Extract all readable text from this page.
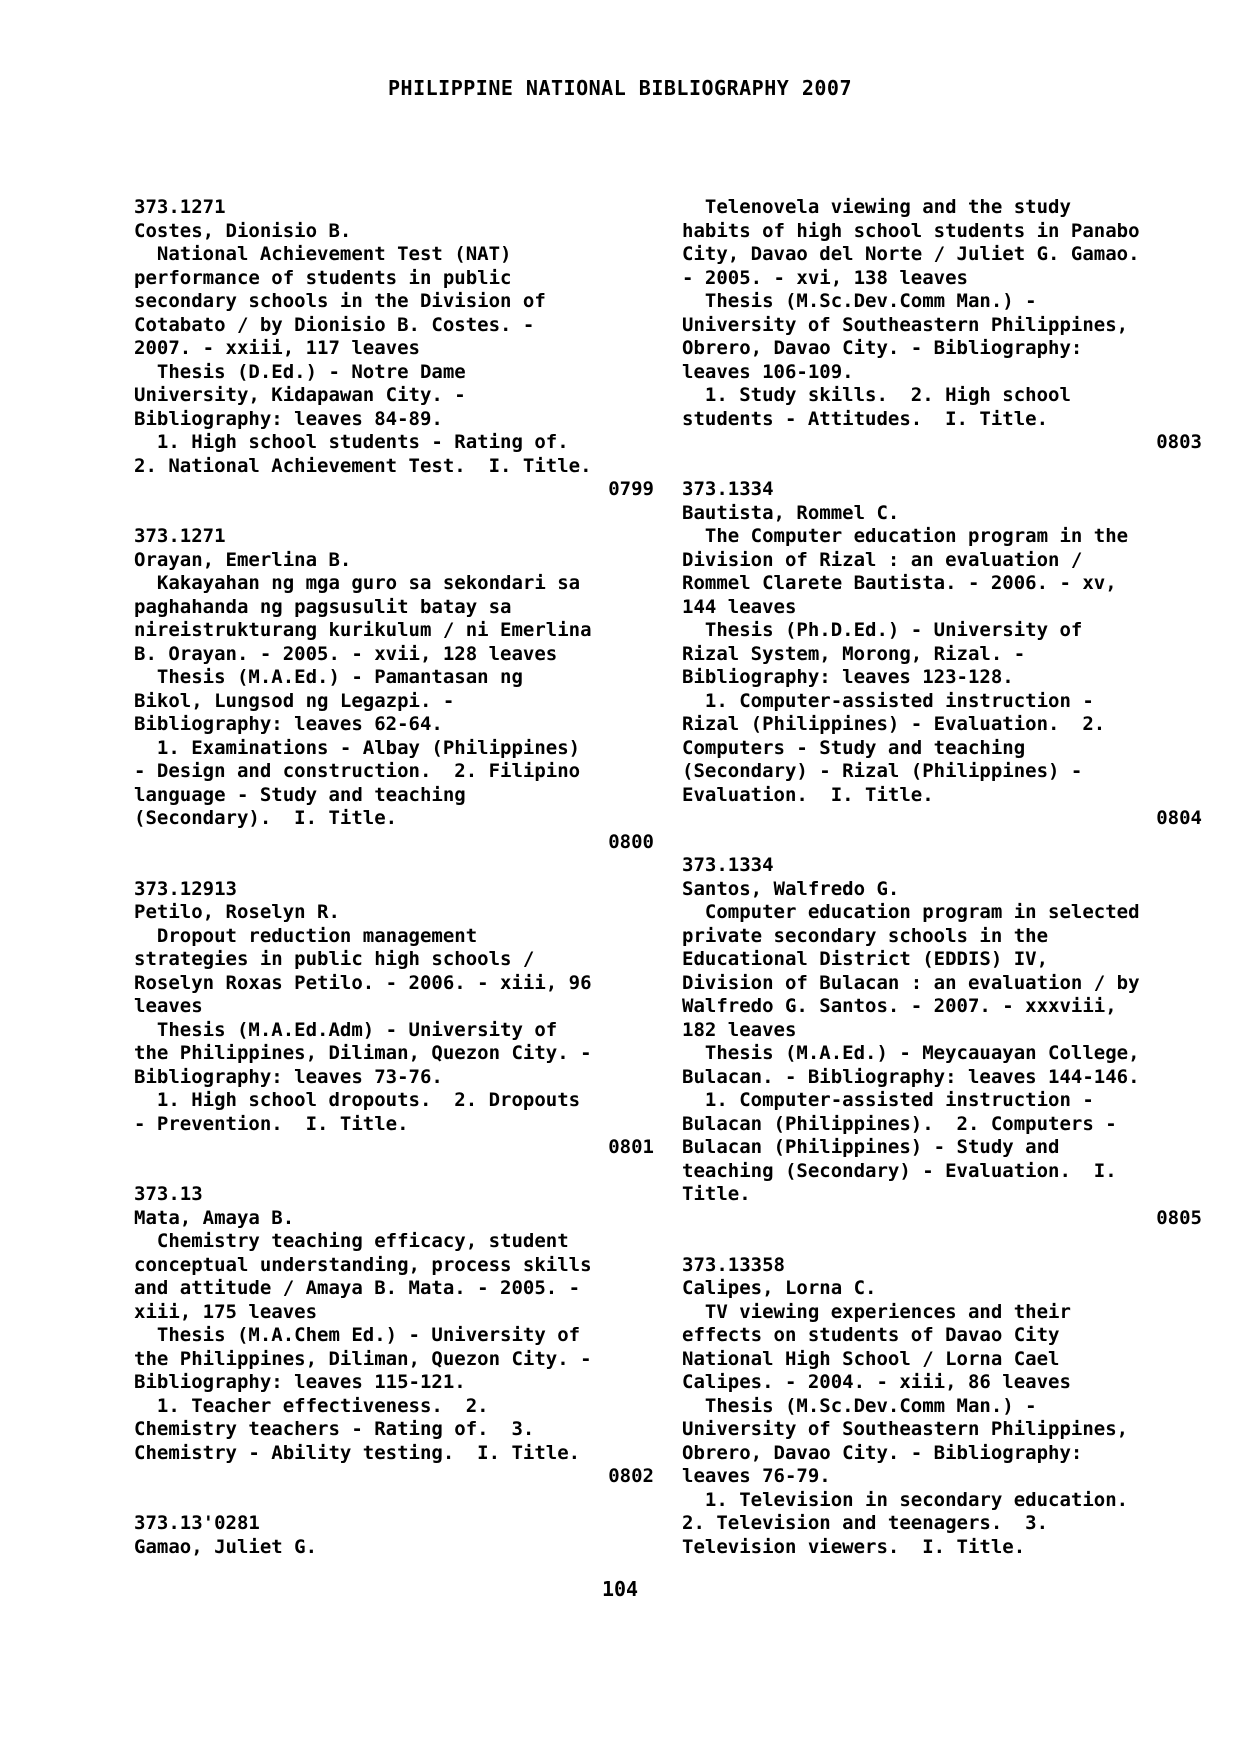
PHILIPPINE NATIONAL BIBLIOGRAPHY 2007
373.1271
Costes, Dionisio B.
National Achievement Test (NAT)
performance of students in public
secondary schools in the Division of
Cotabato / by Dionisio B. Costes. -
2007. - xxiii, 117 leaves
Thesis (D.Ed.) - Notre Dame
University, Kidapawan City. -
Bibliography: leaves 84-89.
1. High school students - Rating of.
2. National Achievement Test.  I. Title.
0799
373.1271
Orayan, Emerlina B.
Kakayahan ng mga guro sa sekondari sa
paghahanda ng pagsusulit batay sa
nireistrukturang kurikulum / ni Emerlina
B. Orayan. - 2005. - xvii, 128 leaves
Thesis (M.A.Ed.) - Pamantasan ng
Bikol, Lungsod ng Legazpi. -
Bibliography: leaves 62-64.
1. Examinations - Albay (Philippines)
- Design and construction.  2. Filipino
language - Study and teaching
(Secondary).  I. Title.
0800
373.12913
Petilo, Roselyn R.
Dropout reduction management
strategies in public high schools /
Roselyn Roxas Petilo. - 2006. - xiii, 96
leaves
Thesis (M.A.Ed.Adm) - University of
the Philippines, Diliman, Quezon City. -
Bibliography: leaves 73-76.
1. High school dropouts.  2. Dropouts
- Prevention.  I. Title.
0801
373.13
Mata, Amaya B.
Chemistry teaching efficacy, student
conceptual understanding, process skills
and attitude / Amaya B. Mata. - 2005. -
xiii, 175 leaves
Thesis (M.A.Chem Ed.) - University of
the Philippines, Diliman, Quezon City. -
Bibliography: leaves 115-121.
1. Teacher effectiveness.  2.
Chemistry teachers - Rating of.  3.
Chemistry - Ability testing.  I. Title.
0802
373.13'0281
Gamao, Juliet G.
Telenovela viewing and the study
habits of high school students in Panabo
City, Davao del Norte / Juliet G. Gamao.
- 2005. - xvi, 138 leaves
Thesis (M.Sc.Dev.Comm Man.) -
University of Southeastern Philippines,
Obrero, Davao City. - Bibliography:
leaves 106-109.
1. Study skills.  2. High school
students - Attitudes.  I. Title.
0803
373.1334
Bautista, Rommel C.
The Computer education program in the
Division of Rizal : an evaluation /
Rommel Clarete Bautista. - 2006. - xv,
144 leaves
Thesis (Ph.D.Ed.) - University of
Rizal System, Morong, Rizal. -
Bibliography: leaves 123-128.
1. Computer-assisted instruction -
Rizal (Philippines) - Evaluation.  2.
Computers - Study and teaching
(Secondary) - Rizal (Philippines) -
Evaluation.  I. Title.
0804
373.1334
Santos, Walfredo G.
Computer education program in selected
private secondary schools in the
Educational District (EDDIS) IV,
Division of Bulacan : an evaluation / by
Walfredo G. Santos. - 2007. - xxxviii,
182 leaves
Thesis (M.A.Ed.) - Meycauayan College,
Bulacan. - Bibliography: leaves 144-146.
1. Computer-assisted instruction -
Bulacan (Philippines).  2. Computers -
Bulacan (Philippines) - Study and
teaching (Secondary) - Evaluation.  I.
Title.
0805
373.13358
Calipes, Lorna C.
TV viewing experiences and their
effects on students of Davao City
National High School / Lorna Cael
Calipes. - 2004. - xiii, 86 leaves
Thesis (M.Sc.Dev.Comm Man.) -
University of Southeastern Philippines,
Obrero, Davao City. - Bibliography:
leaves 76-79.
1. Television in secondary education.
2. Television and teenagers.  3.
Television viewers.  I. Title.
104
